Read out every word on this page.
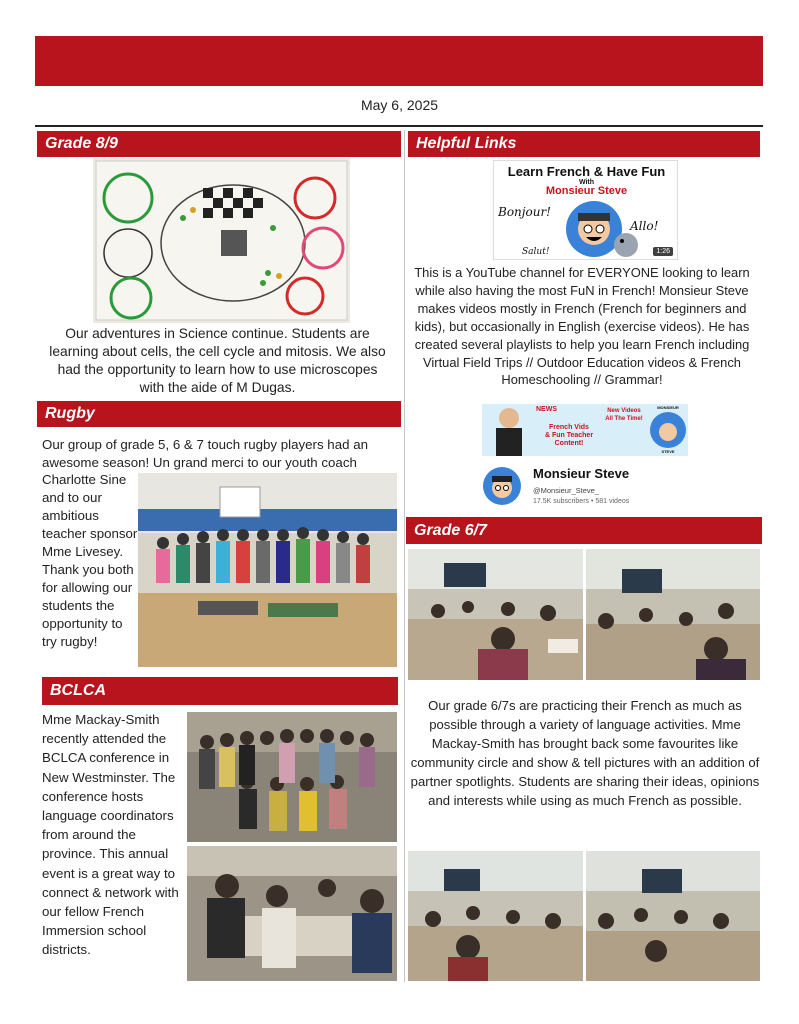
May 6, 2025
Grade 8/9
Our adventures in Science continue. Students are learning about cells, the cell cycle and mitosis. We also had the opportunity to learn how to use microscopes with the aide of M Dugas.
Rugby
Our group of grade 5, 6 & 7 touch rugby players had an awesome season! Un grand merci to our youth coach
Charlotte Sine and to our ambitious teacher sponsor Mme Livesey. Thank you both for allowing our students the opportunity to try rugby!
BCLCA
Mme Mackay-Smith recently attended the BCLCA conference in New Westminster. The conference hosts language coordinators from around the province. This annual event is a great way to connect & network with our fellow French Immersion school districts.
Helpful Links
Learn French & Have Fun
With
Monsieur Steve
Bonjour!
Allo!
Salut!	1:26
This is a YouTube channel for EVERYONE looking to learn while also having the most FuN in French! Monsieur Steve makes videos mostly in French (French for beginners and kids), but occasionally in English (exercise videos). He has created several playlists to help you learn French including Virtual Field Trips // Outdoor Education videos & French Homeschooling // Grammar!
NEWS
French Vids
& Fun Teacher
Content!
New Videos
All The Time!
MONSIEUR
STEVE
Monsieur Steve
@Monsieur_Steve_
17.5K subscribers • 581 videos
Grade 6/7
Our grade 6/7s are practicing their French as much as possible through a variety of language activities. Mme Mackay-Smith has brought back some favourites like community circle and show & tell pictures with an addition of partner spotlights. Students are sharing their ideas, opinions and interests while using as much French as possible.
